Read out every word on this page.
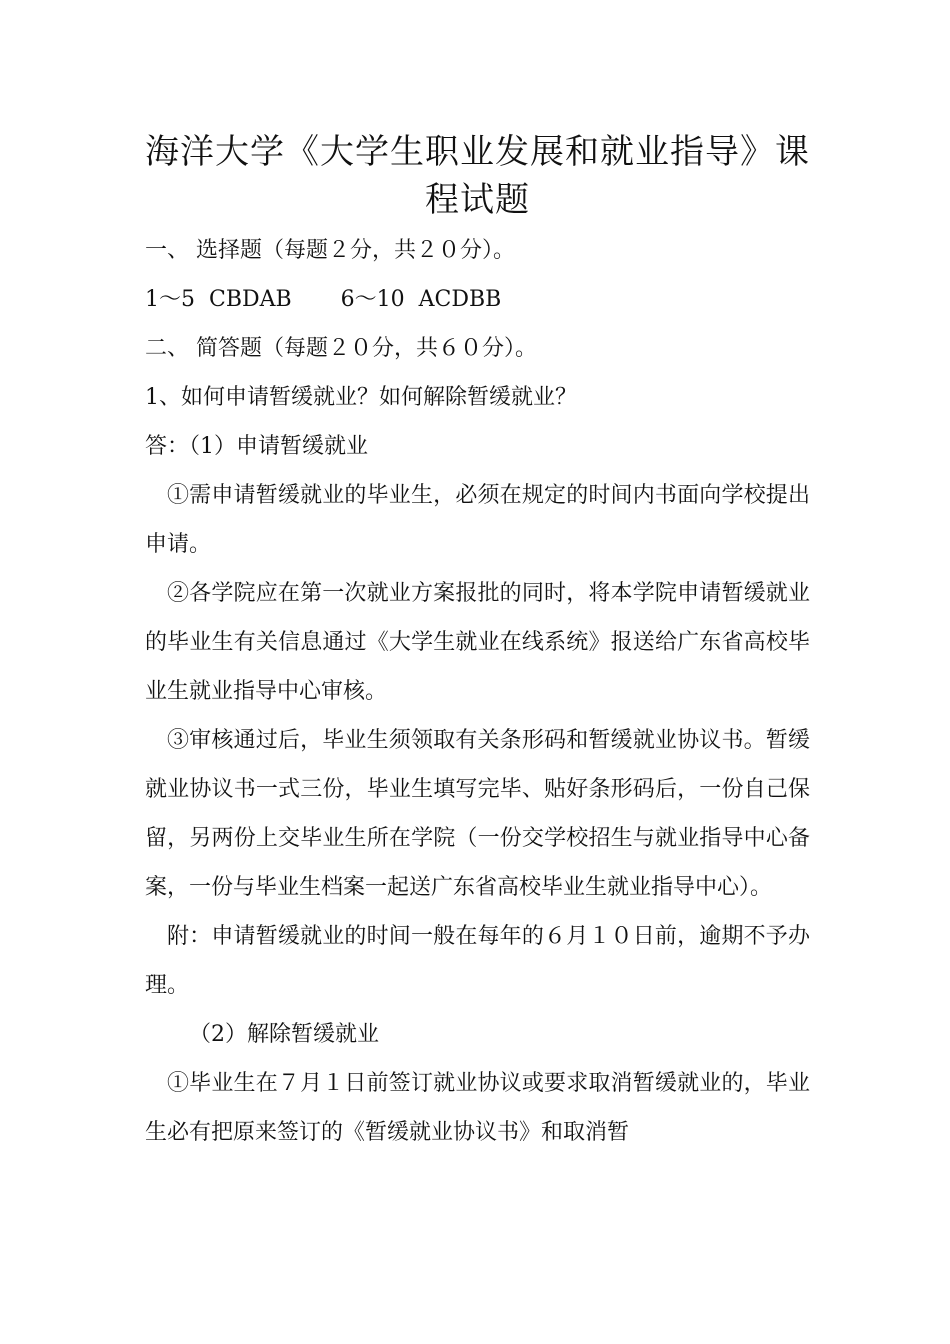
海洋大学《大学生职业发展和就业指导》课
程试题

一、 选择题（每题２分，共２０分）。

1～5  CBDAB       6～10  ACDBB

二、 简答题（每题２０分，共６０分）。

1、如何申请暂缓就业？如何解除暂缓就业？

答：（1）申请暂缓就业

①需申请暂缓就业的毕业生，必须在规定的时间内书面向学校提出申请。

②各学院应在第一次就业方案报批的同时，将本学院申请暂缓就业的毕业生有关信息通过《大学生就业在线系统》报送给广东省高校毕业生就业指导中心审核。

③审核通过后，毕业生须领取有关条形码和暂缓就业协议书。暂缓就业协议书一式三份，毕业生填写完毕、贴好条形码后，一份自己保留，另两份上交毕业生所在学院（一份交学校招生与就业指导中心备案，一份与毕业生档案一起送广东省高校毕业生就业指导中心）。

附：申请暂缓就业的时间一般在每年的６月１０日前，逾期不予办理。

（2）解除暂缓就业

①毕业生在７月１日前签订就业协议或要求取消暂缓就业的，毕业生必有把原来签订的《暂缓就业协议书》和取消暂
